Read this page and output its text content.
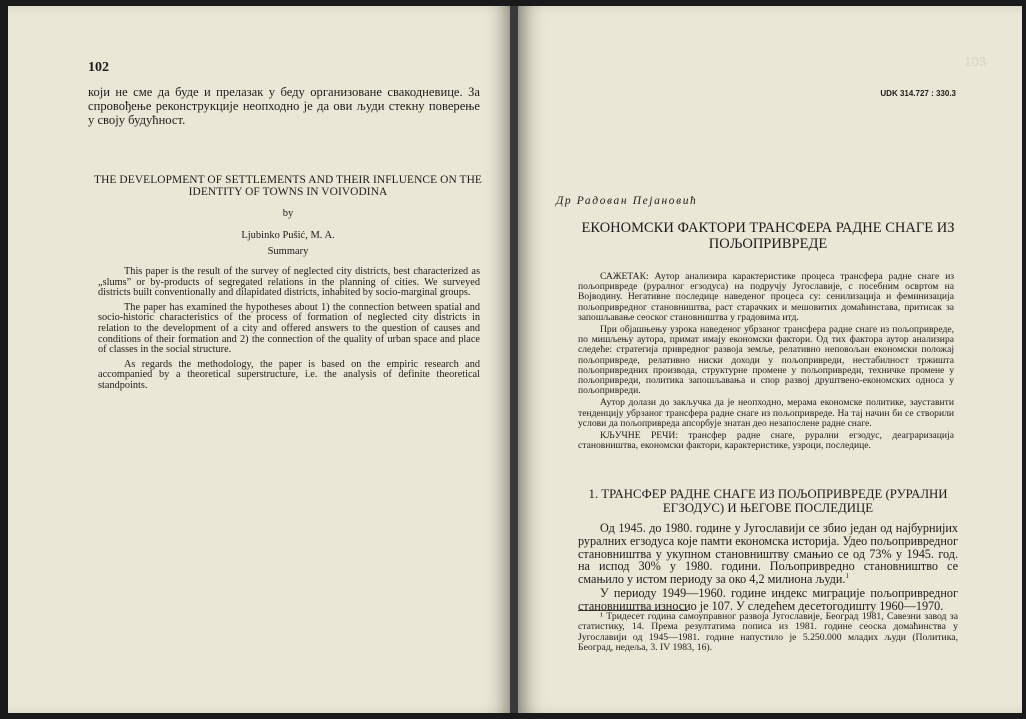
102

који не сме да буде и прелазак у беду организоване свакодневице. За спровођење реконструкције неопходно је да ови људи стекну поверење у своју будућност.

THE DEVELOPMENT OF SETTLEMENTS AND THEIR INFLUENCE ON THE IDENTITY OF TOWNS IN VOIVODINA
by
Ljubinko Pušić, M. A.
Summary

This paper is the result of the survey of neglected city districts, best characterized as „slums” or by-products of segregated relations in the planning of cities. We surveyed districts built conventionally and dilapidated districts, inhabited by socio-marginal groups.

The paper has examined the hypotheses about 1) the connection between spatial and socio-historic characteristics of the process of formation of neglected city districts in relation to the development of a city and offered answers to the question of causes and conditions of their formation and 2) the connection of the quality of urban space and place of classes in the social structure.

As regards the methodology, the paper is based on the empiric research and accompanied by a theoretical superstructure, i.e. the analysis of definite theoretical standpoints.

103
UDK 314.727 : 330.3
Др Радован Пејановић
ЕКОНОМСКИ ФАКТОРИ ТРАНСФЕРА РАДНЕ СНАГЕ ИЗ ПОЉОПРИВРЕДЕ

САЖЕТАК: Аутор анализира карактеристике процеса трансфера радне снаге из пољопривреде (руралног егзодуса) на подручју Југославије, с посебним освртом на Војводину. Негативне последице наведеног процеса су: сенилизација и феминизација пољопривредног становништва, раст старачких и мешовитих домаћинстава, притисак за запошљавање сеоског становништва у градовима итд.

При објашњењу узрока наведеног убрзаног трансфера радне снаге из пољопривреде, по мишљењу аутора, примат имају економски фактори. Од тих фактора аутор анализира следеће: стратегија привредног развоја земље, релативно неповољан економски положај пољопривреде, релативно ниски доходи у пољопривреди, нестабилност тржишта пољопривредних производа, структурне промене у пољопривреди, техничке промене у пољопривреди, политика запошљавања и спор развој друштвено-економских односа у пољопривреди.

Аутор долази до закључка да је неопходно, мерама економске политике, зауставити тенденцију убрзаног трансфера радне снаге из пољопривреде. На тај начин би се створили услови да пољопривреда апсорбује знатан део незапослене радне снаге.

КЉУЧНЕ РЕЧИ: трансфер радне снаге, рурални егзодус, деаграризација становништва, економски фактори, карактеристике, узроци, последице.

1. ТРАНСФЕР РАДНЕ СНАГЕ ИЗ ПОЉОПРИВРЕДЕ (РУРАЛНИ ЕГЗОДУС) И ЊЕГОВЕ ПОСЛЕДИЦЕ

Од 1945. до 1980. године у Југославији се збио један од најбурнијих руралних егзодуса које памти економска историја. Удео пољопривредног становништва у укупном становништву смањио се од 73% у 1945. год. на испод 30% у 1980. години. Пољопривредно становништво се смањило у истом периоду за око 4,2 милиона људи.$^1$

У периоду 1949—1960. године индекс миграције пољопривредног становништва износио је 107. У следећем десетогодишту 1960—1970.

¹ Тридесет година самоуправног развоја Југославије, Београд 1981, Савезни завод за статистику, 14. Према резултатима пописа из 1981. године сеоска домаћинства у Југославији од 1945—1981. године напустило је 5.250.000 младих људи (Политика, Београд, недеља, 3. IV 1983, 16).
